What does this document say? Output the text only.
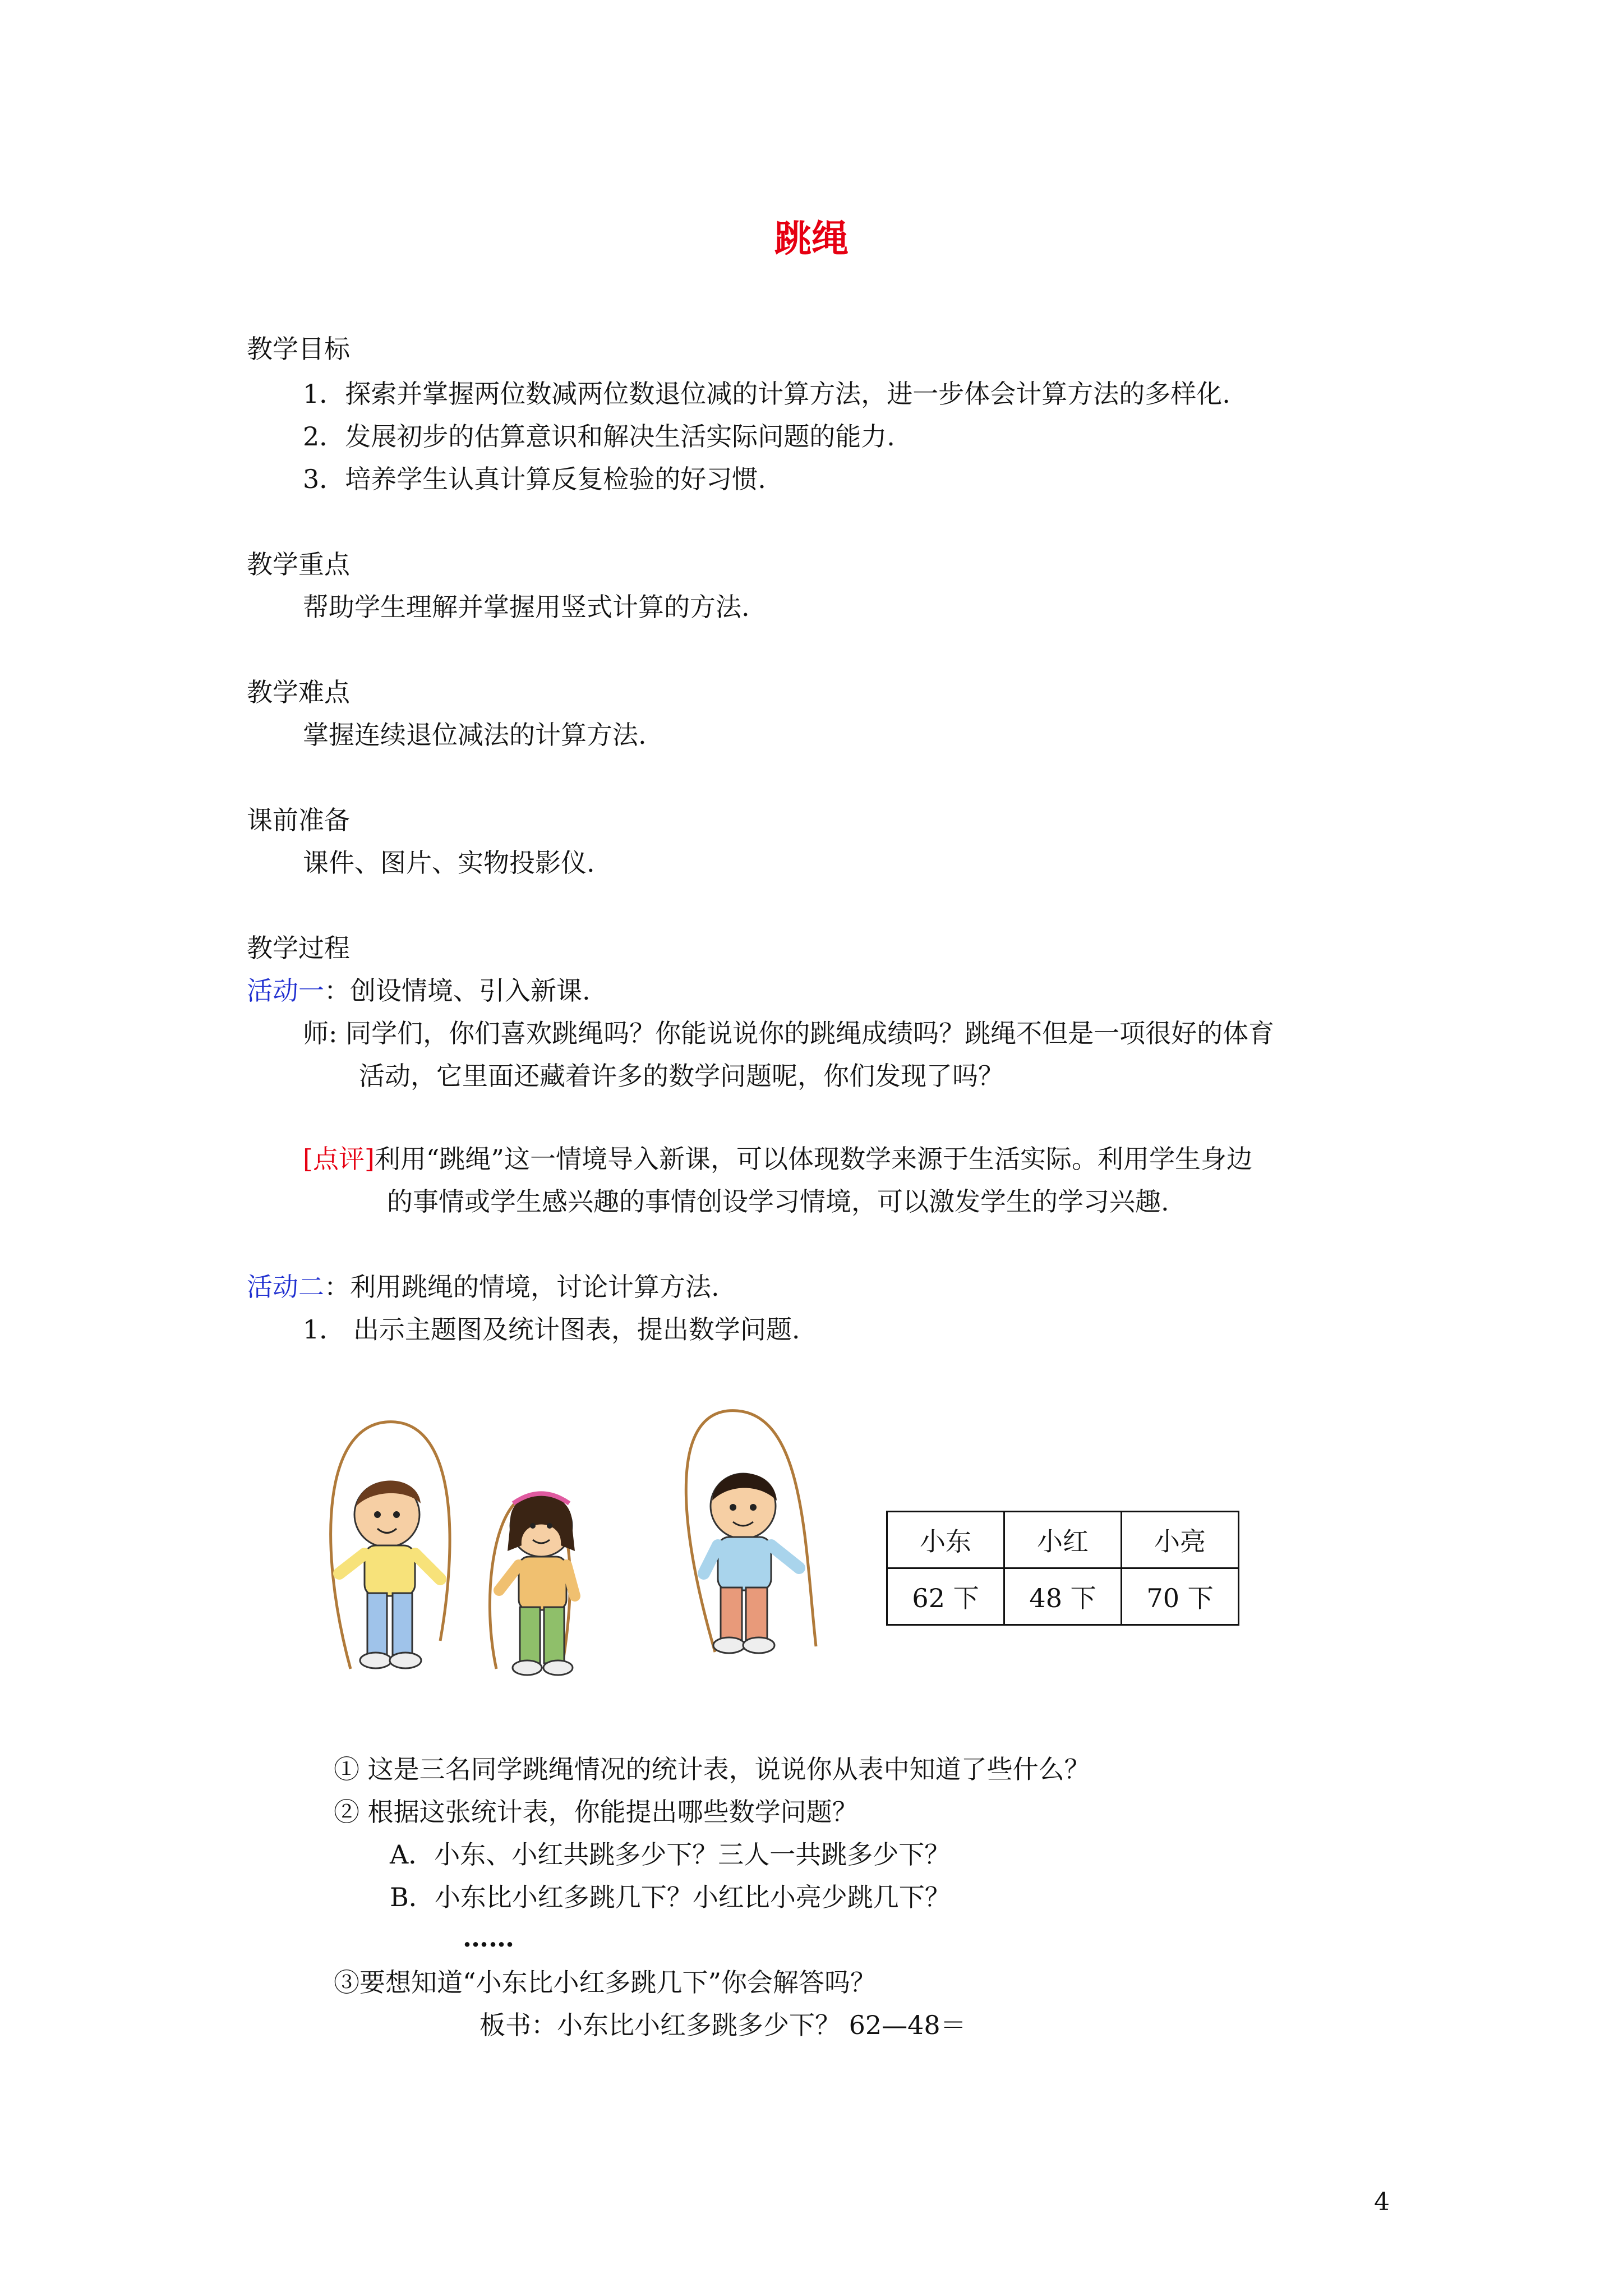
跳绳
教学目标
1．探索并掌握两位数减两位数退位减的计算方法，进一步体会计算方法的多样化.
2．发展初步的估算意识和解决生活实际问题的能力.
3．培养学生认真计算反复检验的好习惯.
教学重点
帮助学生理解并掌握用竖式计算的方法.
教学难点
掌握连续退位减法的计算方法.
课前准备
课件、图片、实物投影仪.
教学过程
活动一：创设情境、引入新课.
师: 同学们，你们喜欢跳绳吗？你能说说你的跳绳成绩吗？跳绳不但是一项很好的体育
活动，它里面还藏着许多的数学问题呢，你们发现了吗？
[点评]利用“跳绳”这一情境导入新课，可以体现数学来源于生活实际。利用学生身边
的事情或学生感兴趣的事情创设学习情境，可以激发学生的学习兴趣.
活动二：利用跳绳的情境，讨论计算方法.
1． 出示主题图及统计图表，提出数学问题.
小东	小红	小亮
62 下	48 下	70 下
① 这是三名同学跳绳情况的统计表，说说你从表中知道了些什么？
② 根据这张统计表，你能提出哪些数学问题？
A．小东、小红共跳多少下？三人一共跳多少下？
B．小东比小红多跳几下？小红比小亮少跳几下？
……
③要想知道“小东比小红多跳几下”你会解答吗？
板书：小东比小红多跳多少下？ 62—48＝
4
